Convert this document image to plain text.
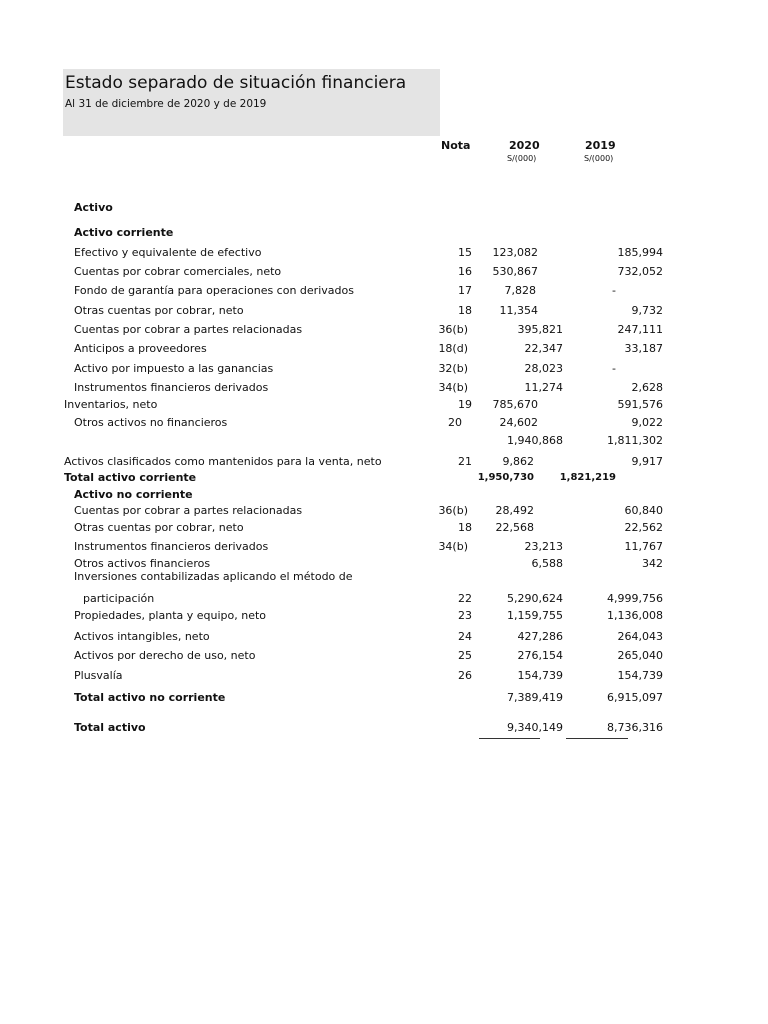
Estado separado de situación financiera
Al 31 de diciembre de 2020 y de 2019
Nota	2020	2019
S/(000)	S/(000)
Activo
Activo corriente
Efectivo y equivalente de efectivo	15 123,082	185,994
Cuentas por cobrar comerciales, neto	16 530,867	732,052
Fondo de garantía para operaciones con derivados	17	7,828	-
Otras cuentas por cobrar, neto	18	11,354	9,732
Cuentas por cobrar a partes relacionadas	36(b)	395,821	247,111
Anticipos a proveedores	18(d)	22,347	33,187
Activo por impuesto a las ganancias	32(b)	28,023	-
Instrumentos financieros derivados	34(b)	11,274	2,628
Inventarios, neto	19 785,670	591,576
Otros activos no financieros	20	24,602	9,022
1,940,868	1,811,302
Activos clasificados como mantenidos para la venta, neto	21	9,862	9,917
Total activo corriente	1,950,730	1,821,219
Activo no corriente
Cuentas por cobrar a partes relacionadas	36(b)	28,492	60,840
Otras cuentas por cobrar, neto	18 22,568	22,562
Instrumentos financieros derivados	34(b)	23,213	11,767
Otros activos financieros	6,588	342
Inversiones contabilizadas aplicando el método de
participación	22	5,290,624	4,999,756
Propiedades, planta y equipo, neto	23	1,159,755	1,136,008
Activos intangibles, neto	24	427,286	264,043
Activos por derecho de uso, neto	25	276,154	265,040
Plusvalía	26	154,739	154,739
Total activo no corriente	7,389,419	6,915,097
Total activo	9,340,149	8,736,316
